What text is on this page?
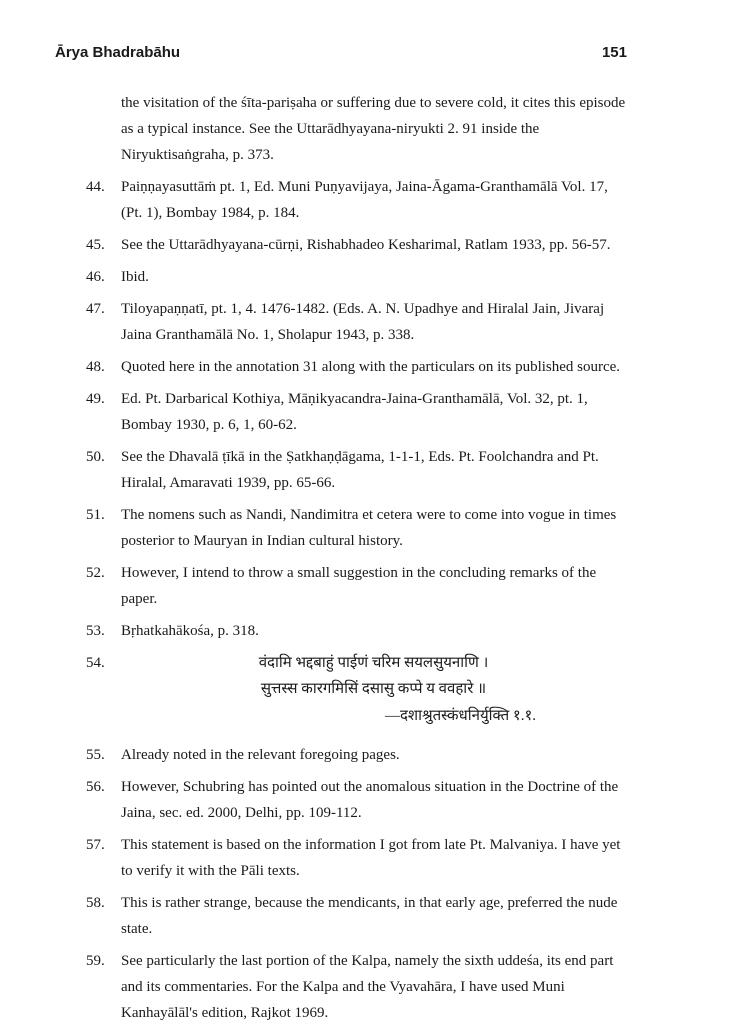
Ārya Bhadrabāhu	151
the visitation of the śīta-pariṣaha or suffering due to severe cold, it cites this episode as a typical instance. See the Uttarādhyayana-niryukti 2. 91 inside the Niryuktisaṅgraha, p. 373.
44.	Paiṇṇayasuttāṁ pt. 1, Ed. Muni Puṇyavijaya, Jaina-Āgama-Granthamālā Vol. 17, (Pt. 1), Bombay 1984, p. 184.
45.	See the Uttarādhyayana-cūrṇi, Rishabhadeo Kesharimal, Ratlam 1933, pp. 56-57.
46.	Ibid.
47.	Tiloyapaṇṇatī, pt. 1, 4. 1476-1482. (Eds. A. N. Upadhye and Hiralal Jain, Jivaraj Jaina Granthamālā No. 1, Sholapur 1943, p. 338.
48.	Quoted here in the annotation 31 along with the particulars on its published source.
49.	Ed. Pt. Darbarical Kothiya, Māṇikyacandra-Jaina-Granthamālā, Vol. 32, pt. 1, Bombay 1930, p. 6, 1, 60-62.
50.	See the Dhavalā ṭīkā in the Ṣatkhaṇḍāgama, 1-1-1, Eds. Pt. Foolchandra and Pt. Hiralal, Amaravati 1939, pp. 65-66.
51.	The nomens such as Nandi, Nandimitra et cetera were to come into vogue in times posterior to Mauryan in Indian cultural history.
52.	However, I intend to throw a small suggestion in the concluding remarks of the paper.
53.	Bṛhatkahākośa, p. 318.
54.	वंदामि भद्दबाहुं पाईणं चरिम सयलसुयनाणि ।
सुत्तस्स कारगमिसिं दसासु कप्पे य ववहारे ॥
—दशाश्रुतस्कंधनिर्युक्ति १.१.
55.	Already noted in the relevant foregoing pages.
56.	However, Schubring has pointed out the anomalous situation in the Doctrine of the Jaina, sec. ed. 2000, Delhi, pp. 109-112.
57.	This statement is based on the information I got from late Pt. Malvaniya. I have yet to verify it with the Pāli texts.
58.	This is rather strange, because the mendicants, in that early age, preferred the nude state.
59.	See particularly the last portion of the Kalpa, namely the sixth uddeśa, its end part and its commentaries. For the Kalpa and the Vyavahāra, I have used Muni Kanhayālāl's edition, Rajkot 1969.
